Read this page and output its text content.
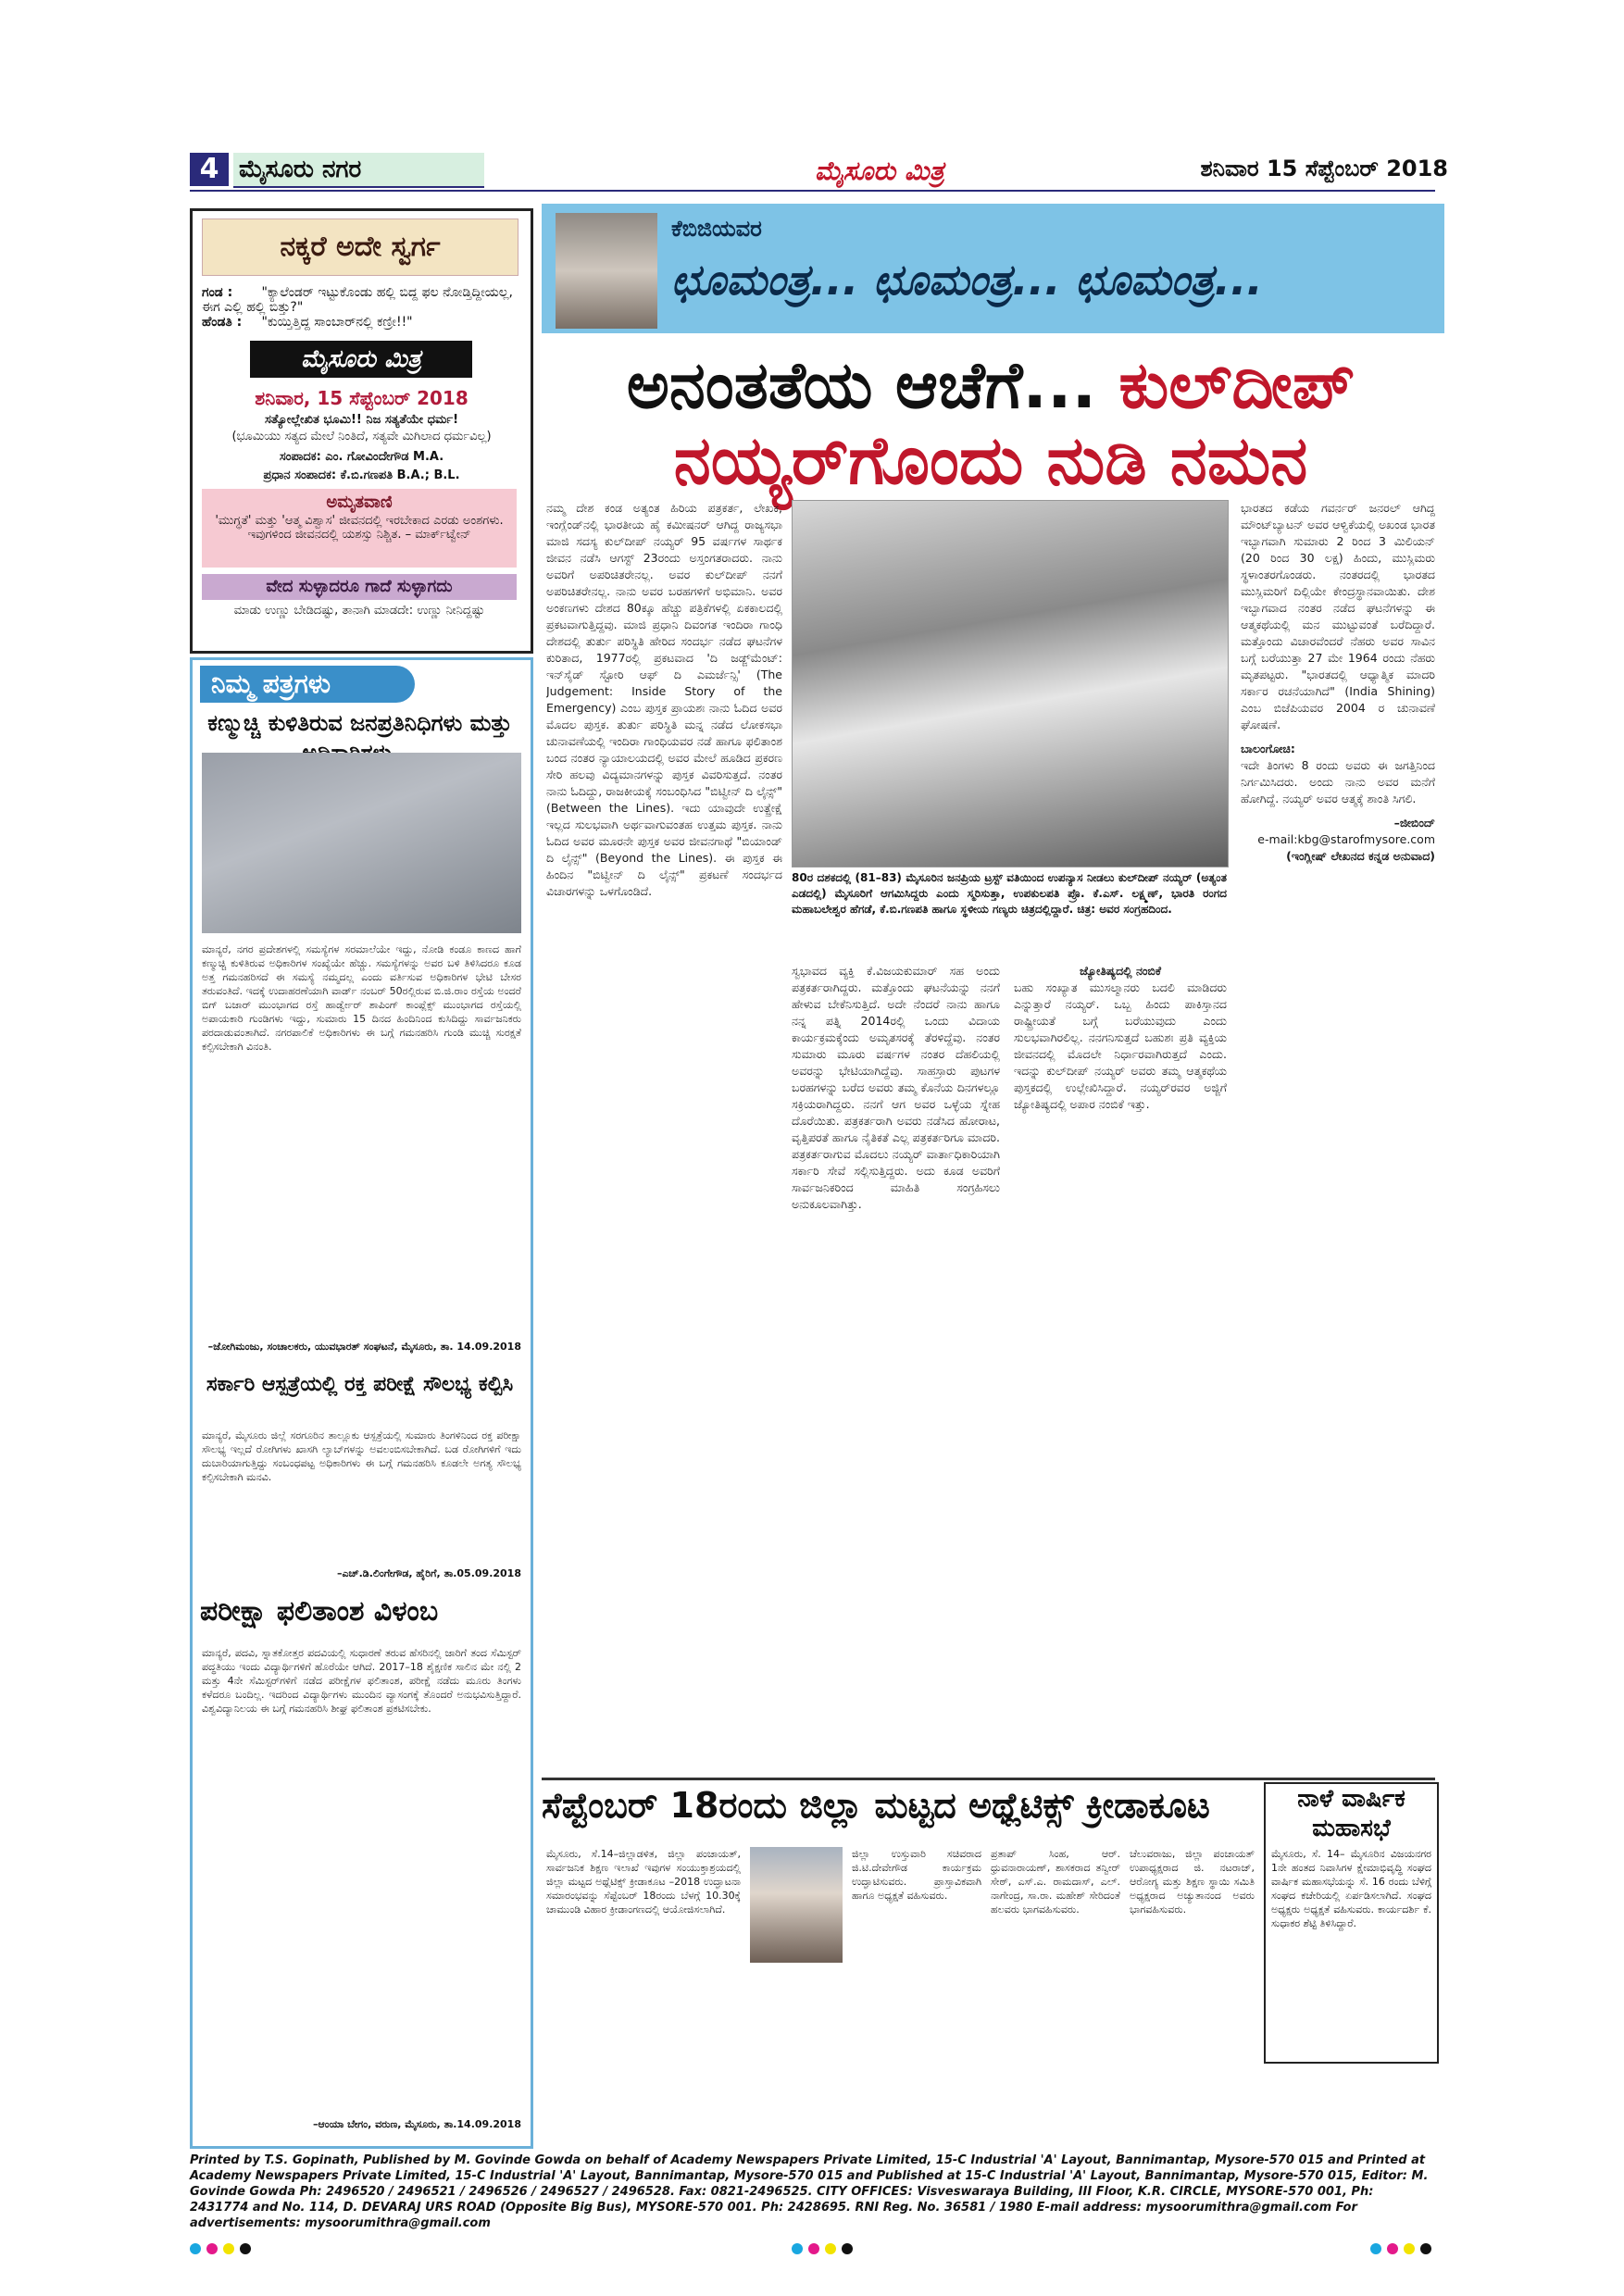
4 ಮೈಸೂರು ನಗರ	ಮೈಸೂರು ಮಿತ್ರ	ಶನಿವಾರ 15 ಸೆಪ್ಟೆಂಬರ್ 2018
ನಕ್ಕರೆ ಅದೇ ಸ್ವರ್ಗ
ಗಂಡ : "ಕ್ಯಾಲೆಂಡರ್ ಇಟ್ಟುಕೊಂಡು ಹಲ್ಲಿ ಬಿದ್ದ ಫಲ ನೋಡ್ತಿದ್ದೀಯಲ್ಲ, ಈಗ ಎಲ್ಲಿ ಹಲ್ಲಿ ಬಿತ್ತು?"
ಹೆಂಡತಿ : "ಕುಯ್ತಿತ್ತಿದ್ದ ಸಾಂಬಾರ್‌ನಲ್ಲಿ ಕಣ್ರೀ!!"
ಮೈಸೂರು ಮಿತ್ರ
ಶನಿವಾರ, 15 ಸೆಪ್ಟೆಂಬರ್ 2018
ಸತ್ಯೋಲ್ಲೇಖಿತ ಭೂಮಿ!! ನಿಜ ಸತ್ಯತೆಯೇ ಧರ್ಮ!
(ಭೂಮಿಯು ಸತ್ಯದ ಮೇಲೆ ನಿಂತಿದೆ, ಸತ್ಯವೇ ಮಿಗಿಲಾದ ಧರ್ಮವಿಲ್ಲ)
ಸಂಪಾದಕ: ಎಂ. ಗೋವಿಂದೇಗೌಡ M.A.
ಪ್ರಧಾನ ಸಂಪಾದಕ: ಕೆ.ಬಿ.ಗಣಪತಿ B.A.; B.L.
ಅಮೃತವಾಣಿ
'ಮುಗ್ಧತೆ' ಮತ್ತು 'ಆತ್ಮ ವಿಶ್ವಾಸ' ಜೀವನದಲ್ಲಿ ಇರಬೇಕಾದ ಎರಡು ಅಂಶಗಳು. ಇವುಗಳಿಂದ ಜೀವನದಲ್ಲಿ ಯಶಸ್ಸು ನಿಶ್ಚಿತ. – ಮಾರ್ಕ್‌ಟ್ವೇನ್
ವೇದ ಸುಳ್ಳಾದರೂ ಗಾದೆ ಸುಳ್ಳಾಗದು
ಮಾಡು ಉಣ್ಣು ಬೇಡಿದಷ್ಟು, ತಾನಾಗಿ ಮಾಡದೇ: ಉಣ್ಣು ನೀನಿದ್ದಷ್ಟು
ನಿಮ್ಮ ಪತ್ರಗಳು
ಕಣ್ಮುಚ್ಚಿ ಕುಳಿತಿರುವ ಜನಪ್ರತಿನಿಧಿಗಳು ಮತ್ತು
ಮಾನ್ಯರೆ, ನಗರ ಪ್ರದೇಶಗಳಲ್ಲಿ ಸಮಸ್ಯೆಗಳ ಸರಮಾಲೆಯೇ ಇದ್ದು, ನೋಡಿ ಕಂಡೂ ಕಾಣದ ಹಾಗೆ ಕಣ್ಮುಚ್ಚಿ ಕುಳಿತಿರುವ ಅಧಿಕಾರಿಗಳ ಸಂಖ್ಯೆಯೇ ಹೆಚ್ಚು. ಸಮಸ್ಯೆಗಳನ್ನು ಅವರ ಬಳಿ ತಿಳಿಸಿದರೂ ಕೂಡ ಅತ್ತ ಗಮನಹರಿಸದೆ ಈ ಸಮಸ್ಯೆ ನಮ್ಮದಲ್ಲ ಎಂದು ವರ್ತಿಸುವ ಅಧಿಕಾರಿಗಳ ಭೇಟಿ ಬೇಸರ ತರುವಂತಿದೆ. ಇದಕ್ಕೆ ಉದಾಹರಣೆಯಾಗಿ ವಾರ್ಡ್ ನಂಬರ್ 50ರಲ್ಲಿರುವ ಬಿ.ಜಿ.ರಾಂ ರಸ್ತೆಯ ಅಂದರೆ ಬಿಗ್ ಬಜಾರ್ ಮುಂಭಾಗದ ರಸ್ತೆ ಹಾರ್ಡ್ವೇರ್ ಶಾಪಿಂಗ್ ಕಾಂಪ್ಲೆಕ್ಸ್ ಮುಂಭಾಗದ ರಸ್ತೆಯಲ್ಲಿ ಅಪಾಯಕಾರಿ ಗುಂಡಿಗಳು ಇದ್ದು, ಸುಮಾರು 15 ದಿನದ ಹಿಂದಿನಿಂದ ಕುಸಿದಿದ್ದು ಸಾರ್ವಜನಿಕರು ಪರದಾಡುವಂತಾಗಿದೆ. ನಗರಪಾಲಿಕೆ ಅಧಿಕಾರಿಗಳು ಈ ಬಗ್ಗೆ ಗಮನಹರಿಸಿ ಗುಂಡಿ ಮುಚ್ಚಿ ಸುರಕ್ಷತೆ ಕಲ್ಪಿಸಬೇಕಾಗಿ ವಿನಂತಿ.
–ಜೋಗಿಮಂಜು, ಸಂಚಾಲಕರು, ಯುವಭಾರತ್ ಸಂಘಟನೆ, ಮೈಸೂರು, ತಾ. 14.09.2018
ಸರ್ಕಾರಿ ಆಸ್ಪತ್ರೆಯಲ್ಲಿ ರಕ್ತ ಪರೀಕ್ಷೆ ಸೌಲಭ್ಯ ಕಲ್ಪಿಸಿ
ಮಾನ್ಯರೆ, ಮೈಸೂರು ಜಿಲ್ಲೆ ಸರಗೂರಿನ ತಾಲ್ಲೂಕು ಆಸ್ಪತ್ರೆಯಲ್ಲಿ ಸುಮಾರು ತಿಂಗಳಿನಿಂದ ರಕ್ತ ಪರೀಕ್ಷಾ ಸೌಲಭ್ಯ ಇಲ್ಲದೆ ರೋಗಿಗಳು ಖಾಸಗಿ ಲ್ಯಾಬ್‌ಗಳನ್ನು ಅವಲಂಬಿಸಬೇಕಾಗಿದೆ. ಬಡ ರೋಗಿಗಳಿಗೆ ಇದು ದುಬಾರಿಯಾಗುತ್ತಿದ್ದು ಸಂಬಂಧಪಟ್ಟ ಅಧಿಕಾರಿಗಳು ಈ ಬಗ್ಗೆ ಗಮನಹರಿಸಿ ಕೂಡಲೇ ಅಗತ್ಯ ಸೌಲಭ್ಯ ಕಲ್ಪಿಸಬೇಕಾಗಿ ಮನವಿ.
–ಎಚ್.ಡಿ.ಲಿಂಗೇಗೌಡ, ಹೈರಿಗೆ, ತಾ.05.09.2018
ಪರೀಕ್ಷಾ ಫಲಿತಾಂಶ ವಿಳಂಬ
ಮಾನ್ಯರೆ, ಪದವಿ, ಸ್ನಾತಕೋತ್ತರ ಪದವಿಯಲ್ಲಿ ಸುಧಾರಣೆ ತರುವ ಹೆಸರಿನಲ್ಲಿ ಜಾರಿಗೆ ತಂದ ಸೆಮಿಸ್ಟರ್ ಪದ್ಧತಿಯು ಇಂದು ವಿದ್ಯಾರ್ಥಿಗಳಿಗೆ ಹೊರೆಯೇ ಆಗಿದೆ. 2017–18 ಶೈಕ್ಷಣಿಕ ಸಾಲಿನ ಮೇ ನಲ್ಲಿ 2 ಮತ್ತು 4ನೇ ಸೆಮಿಸ್ಟರ್‌ಗಳಿಗೆ ನಡೆದ ಪರೀಕ್ಷೆಗಳ ಫಲಿತಾಂಶ, ಪರೀಕ್ಷೆ ನಡೆದು ಮೂರು ತಿಂಗಳು ಕಳೆದರೂ ಬಂದಿಲ್ಲ. ಇದರಿಂದ ವಿದ್ಯಾರ್ಥಿಗಳು ಮುಂದಿನ ವ್ಯಾಸಂಗಕ್ಕೆ ತೊಂದರೆ ಅನುಭವಿಸುತ್ತಿದ್ದಾರೆ. ವಿಶ್ವವಿದ್ಯಾನಿಲಯ ಈ ಬಗ್ಗೆ ಗಮನಹರಿಸಿ ಶೀಘ್ರ ಫಲಿತಾಂಶ ಪ್ರಕಟಿಸಬೇಕು.
–ಆಂಯಾ ಬೇಗಂ, ವರುಣ, ಮೈಸೂರು, ತಾ.14.09.2018
ಕೆಬಿಜಿಯವರ
ಛೂಮಂತ್ರ... ಛೂಮಂತ್ರ... ಛೂಮಂತ್ರ...
ಅನಂತತೆಯ ಆಚೆಗೆ... ಕುಲ್‌ದೀಪ್
ನಯ್ಯರ್‌ಗೊಂದು ನುಡಿ ನಮನ
ನಮ್ಮ ದೇಶ ಕಂಡ ಅತ್ಯಂತ ಹಿರಿಯ ಪತ್ರಕರ್ತ, ಲೇಖಕ, ಇಂಗ್ಲೆಂಡ್‌ನಲ್ಲಿ ಭಾರತೀಯ ಹೈ ಕಮೀಷನರ್ ಆಗಿದ್ದ ರಾಜ್ಯಸಭಾ ಮಾಜಿ ಸದಸ್ಯ ಕುಲ್‌ದೀಪ್ ನಯ್ಯರ್ 95 ವರ್ಷಗಳ ಸಾರ್ಥಕ ಜೀವನ ನಡೆಸಿ ಆಗಸ್ಟ್ 23ರಂದು ಅಸ್ತಂಗತರಾದರು. ನಾನು ಅವರಿಗೆ ಅಪರಿಚಿತರೇನಲ್ಲ. ಅವರ ಕುಲ್‌ದೀಪ್ ನನಗೆ ಅಪರಿಚಿತರೇನಲ್ಲ. ನಾನು ಅವರ ಬರಹಗಳಿಗೆ ಅಭಿಮಾನಿ. ಅವರ ಅಂಕಣಗಳು ದೇಶದ 80ಕ್ಕೂ ಹೆಚ್ಚು ಪತ್ರಿಕೆಗಳಲ್ಲಿ ಏಕಕಾಲದಲ್ಲಿ ಪ್ರಕಟವಾಗುತ್ತಿದ್ದವು. ಮಾಜಿ ಪ್ರಧಾನಿ ದಿವಂಗತ ಇಂದಿರಾ ಗಾಂಧಿ ದೇಶದಲ್ಲಿ ತುರ್ತು ಪರಿಸ್ಥಿತಿ ಹೇರಿದ ಸಂದರ್ಭ ನಡೆದ ಘಟನೆಗಳ ಕುರಿತಾದ, 1977ರಲ್ಲಿ ಪ್ರಕಟವಾದ 'ದಿ ಜಡ್ಜ್‌ಮೆಂಟ್: ಇನ್‌ಸೈಡ್ ಸ್ಟೋರಿ ಆಫ್ ದಿ ಎಮರ್ಜೆನ್ಸಿ' (The Judgement: Inside Story of the Emergency) ಎಂಬ ಪುಸ್ತಕ ಪ್ರಾಯಶಃ ನಾನು ಓದಿದ ಅವರ ಮೊದಲ ಪುಸ್ತಕ. ತುರ್ತು ಪರಿಸ್ಥಿತಿ ಮನ್ನ ನಡೆದ ಲೋಕಸಭಾ ಚುನಾವಣೆಯಲ್ಲಿ ಇಂದಿರಾ ಗಾಂಧಿಯವರ ನಡೆ ಹಾಗೂ ಫಲಿತಾಂಶ ಬಂದ ನಂತರ ನ್ಯಾಯಾಲಯದಲ್ಲಿ ಅವರ ಮೇಲೆ ಹೂಡಿದ ಪ್ರಕರಣ ಸೇರಿ ಹಲವು ವಿದ್ಯಮಾನಗಳನ್ನು ಪುಸ್ತಕ ವಿವರಿಸುತ್ತದೆ. ನಂತರ ನಾನು ಓದಿದ್ದು, ರಾಜಕೀಯಕ್ಕೆ ಸಂಬಂಧಿಸಿದ "ಬಿಟ್ವೀನ್ ದಿ ಲೈನ್ಸ್" (Between the Lines). ಇದು ಯಾವುದೇ ಉತ್ಪ್ರೇಕ್ಷೆ ಇಲ್ಲದ ಸುಲಭವಾಗಿ ಅರ್ಥವಾಗುವಂತಹ ಉತ್ತಮ ಪುಸ್ತಕ. ನಾನು ಓದಿದ ಅವರ ಮೂರನೇ ಪುಸ್ತಕ ಅವರ ಜೀವನಗಾಥೆ "ಬಿಯಾಂಡ್ ದಿ ಲೈನ್ಸ್" (Beyond the Lines). ಈ ಪುಸ್ತಕ ಈ ಹಿಂದಿನ "ಬಿಟ್ವೀನ್ ದಿ ಲೈನ್ಸ್" ಪ್ರಕಟಣೆ ಸಂದರ್ಭದ ವಿಚಾರಗಳನ್ನು ಒಳಗೊಂಡಿದೆ.
80ರ ದಶಕದಲ್ಲಿ (81–83) ಮೈಸೂರಿನ ಜನಪ್ರಿಯ ಟ್ರಸ್ಟ್ ವತಿಯಿಂದ ಉಪನ್ಯಾಸ ನೀಡಲು ಕುಲ್‌ದೀಪ್ ನಯ್ಯರ್ (ಅತ್ಯಂತ ಎಡದಲ್ಲಿ) ಮೈಸೂರಿಗೆ ಆಗಮಿಸಿದ್ದರು ಎಂದು ಸ್ಮರಿಸುತ್ತಾ, ಉಪಕುಲಪತಿ ಪ್ರೊ. ಕೆ.ಎಸ್. ಲಕ್ಷ್ಮಣ್, ಭಾರತಿ ರಂಗದ ಮಹಾಬಲೇಶ್ವರ ಹೆಗಡೆ, ಕೆ.ಬಿ.ಗಣಪತಿ ಹಾಗೂ ಸ್ಥಳೀಯ ಗಣ್ಯರು ಚಿತ್ರದಲ್ಲಿದ್ದಾರೆ. ಚಿತ್ರ: ಅವರ ಸಂಗ್ರಹದಿಂದ.
ಸ್ವಭಾವದ ವ್ಯಕ್ತಿ ಕೆ.ವಿಜಯಕುಮಾರ್ ಸಹ ಅಂದು ಪತ್ರಕರ್ತರಾಗಿದ್ದರು. ಮತ್ತೊಂದು ಘಟನೆಯನ್ನು ನನಗೆ ಹೇಳುವ ಬೇಕೆನಿಸುತ್ತಿದೆ. ಅದೇ ನೆಂದರೆ ನಾನು ಹಾಗೂ ನನ್ನ ಪತ್ನಿ 2014ರಲ್ಲಿ ಒಂದು ವಿದಾಯ ಕಾರ್ಯಕ್ರಮಕ್ಕೆಂದು ಅಮೃತಸರಕ್ಕೆ ತೆರಳಿದ್ದೆವು. ನಂತರ ಸುಮಾರು ಮೂರು ವರ್ಷಗಳ ನಂತರ ದೆಹಲಿಯಲ್ಲಿ ಅವರನ್ನು ಭೇಟಿಯಾಗಿದ್ದೆವು. ಸಾಹಸ್ರಾರು ಪುಟಗಳ ಬರಹಗಳನ್ನು ಬರೆದ ಅವರು ತಮ್ಮ ಕೊನೆಯ ದಿನಗಳಲ್ಲೂ ಸಕ್ರಿಯರಾಗಿದ್ದರು. ನನಗೆ ಆಗ ಅವರ ಒಳ್ಳೆಯ ಸ್ನೇಹ ದೊರೆಯಿತು. ಪತ್ರಕರ್ತರಾಗಿ ಅವರು ನಡೆಸಿದ ಹೋರಾಟ, ವೃತ್ತಿಪರತೆ ಹಾಗೂ ನೈತಿಕತೆ ಎಲ್ಲ ಪತ್ರಕರ್ತರಿಗೂ ಮಾದರಿ. ಪತ್ರಕರ್ತರಾಗುವ ಮೊದಲು ನಯ್ಯರ್ ವಾರ್ತಾಧಿಕಾರಿಯಾಗಿ ಸರ್ಕಾರಿ ಸೇವೆ ಸಲ್ಲಿಸುತ್ತಿದ್ದರು. ಅದು ಕೂಡ ಅವರಿಗೆ ಸಾರ್ವಜನಿಕರಿಂದ ಮಾಹಿತಿ ಸಂಗ್ರಹಿಸಲು ಅನುಕೂಲವಾಗಿತ್ತು.
ಜ್ಯೋತಿಷ್ಯದಲ್ಲಿ ನಂಬಿಕೆ
ಬಹು ಸಂಖ್ಯಾತ ಮುಸಲ್ಮಾನರು ಬದಲಿ ಮಾಡಿದರು ಎನ್ನುತ್ತಾರೆ ನಯ್ಯರ್. ಒಬ್ಬ ಹಿಂದು ಪಾಕಿಸ್ತಾನದ ರಾಷ್ಟ್ರೀಯತೆ ಬಗ್ಗೆ ಬರೆಯುವುದು ಎಂದು ಸುಲಭವಾಗಿರಲಿಲ್ಲ. ನನಗನಿಸುತ್ತದೆ ಬಹುಶಃ ಪ್ರತಿ ವ್ಯಕ್ತಿಯ ಜೀವನದಲ್ಲಿ ಮೊದಲೇ ನಿರ್ಧಾರವಾಗಿರುತ್ತದೆ ಎಂದು. ಇದನ್ನು ಕುಲ್‌ದೀಪ್ ನಯ್ಯರ್ ಅವರು ತಮ್ಮ ಆತ್ಮಕಥೆಯ ಪುಸ್ತಕದಲ್ಲಿ ಉಲ್ಲೇಖಿಸಿದ್ದಾರೆ. ನಯ್ಯರ್‌ರವರ ಅಜ್ಜಿಗೆ ಜ್ಯೋತಿಷ್ಯದಲ್ಲಿ ಅಪಾರ ನಂಬಿಕೆ ಇತ್ತು.
ಭಾರತದ ಕಡೆಯ ಗವರ್ನರ್ ಜನರಲ್ ಆಗಿದ್ದ ಮೌಂಟ್‌ಬ್ಯಾಟನ್ ಅವರ ಆಳ್ವಿಕೆಯಲ್ಲಿ ಅಖಂಡ ಭಾರತ ಇಬ್ಭಾಗವಾಗಿ ಸುಮಾರು 2 ರಿಂದ 3 ಮಿಲಿಯನ್ (20 ರಿಂದ 30 ಲಕ್ಷ) ಹಿಂದು, ಮುಸ್ಲಿಮರು ಸ್ಥಳಾಂತರಗೊಂಡರು. ನಂತರದಲ್ಲಿ ಭಾರತದ ಮುಸ್ಲಿಮರಿಗೆ ದಿಲ್ಲಿಯೇ ಕೇಂದ್ರಸ್ಥಾನವಾಯಿತು. ದೇಶ ಇಬ್ಭಾಗವಾದ ನಂತರ ನಡೆದ ಘಟನೆಗಳನ್ನು ಈ ಆತ್ಮಕಥೆಯಲ್ಲಿ ಮನ ಮುಟ್ಟುವಂತೆ ಬರೆದಿದ್ದಾರೆ. ಮತ್ತೊಂದು ವಿಚಾರವೆಂದರೆ ನೆಹರು ಅವರ ಸಾವಿನ ಬಗ್ಗೆ ಬರೆಯುತ್ತಾ 27 ಮೇ 1964 ರಂದು ನೆಹರು ಮೃತಪಟ್ಟರು. "ಭಾರತದಲ್ಲಿ ಆಧ್ಯಾತ್ಮಿಕ ಮಾದರಿ ಸರ್ಕಾರ ರಚನೆಯಾಗಿದೆ" (India Shining) ಎಂಬ ಬಿಜೆಪಿಯವರ 2004 ರ ಚುನಾವಣೆ ಘೋಷಣೆ.
ಬಾಲಂಗೋಚಿ:
ಇದೇ ತಿಂಗಳು 8 ರಂದು ಅವರು ಈ ಜಗತ್ತಿನಿಂದ ನಿರ್ಗಮಿಸಿದರು. ಅಂದು ನಾನು ಅವರ ಮನೆಗೆ ಹೋಗಿದ್ದೆ. ನಯ್ಯರ್ ಅವರ ಆತ್ಮಕ್ಕೆ ಶಾಂತಿ ಸಿಗಲಿ.
–ಜೀಬಿಂದ್
e-mail:kbg@starofmysore.com
(ಇಂಗ್ಲೀಷ್ ಲೇಖನದ ಕನ್ನಡ ಅನುವಾದ)
ಸೆಪ್ಟೆಂಬರ್ 18ರಂದು ಜಿಲ್ಲಾ ಮಟ್ಟದ ಅಥ್ಲೆಟಿಕ್ಸ್ ಕ್ರೀಡಾಕೂಟ
ಮೈಸೂರು, ಸೆ.14–ಜಿಲ್ಲಾಡಳಿತ, ಜಿಲ್ಲಾ ಪಂಚಾಯತ್, ಸಾರ್ವಜನಿಕ ಶಿಕ್ಷಣ ಇಲಾಖೆ ಇವುಗಳ ಸಂಯುಕ್ತಾಶ್ರಯದಲ್ಲಿ ಜಿಲ್ಲಾ ಮಟ್ಟದ ಅಥ್ಲೆಟಿಕ್ಸ್ ಕ್ರೀಡಾಕೂಟ –2018 ಉದ್ಘಾಟನಾ ಸಮಾರಂಭವನ್ನು ಸೆಪ್ಟೆಂಬರ್ 18ರಂದು ಬೆಳಗ್ಗೆ 10.30ಕ್ಕೆ ಚಾಮುಂಡಿ ವಿಹಾರ ಕ್ರೀಡಾಂಗಣದಲ್ಲಿ ಆಯೋಜಿಸಲಾಗಿದೆ.
ಜಿಲ್ಲಾ ಉಸ್ತುವಾರಿ ಸಚಿವರಾದ ಜಿ.ಟಿ.ದೇವೇಗೌಡ ಕಾರ್ಯಕ್ರಮ ಉದ್ಘಾಟಿಸುವರು. ಪ್ರಾಸ್ತಾವಿಕವಾಗಿ ಹಾಗೂ ಅಧ್ಯಕ್ಷತೆ ವಹಿಸುವರು.
ಪ್ರತಾಪ್ ಸಿಂಹ, ಆರ್. ಧ್ರುವನಾರಾಯಣ್, ಶಾಸಕರಾದ ತನ್ವೀರ್ ಸೇಠ್, ಎಸ್.ಎ. ರಾಮದಾಸ್, ಎಲ್. ನಾಗೇಂದ್ರ, ಸಾ.ರಾ. ಮಹೇಶ್ ಸೇರಿದಂತೆ ಹಲವರು ಭಾಗವಹಿಸುವರು.
ಚೆಲುವರಾಜು, ಜಿಲ್ಲಾ ಪಂಚಾಯತ್ ಉಪಾಧ್ಯಕ್ಷರಾದ ಜಿ. ನಟರಾಜ್, ಆರೋಗ್ಯ ಮತ್ತು ಶಿಕ್ಷಣ ಸ್ಥಾಯಿ ಸಮಿತಿ ಅಧ್ಯಕ್ಷರಾದ ಅಚ್ಯುತಾನಂದ ಅವರು ಭಾಗವಹಿಸುವರು.
ನಾಳೆ ವಾರ್ಷಿಕ ಮಹಾಸಭೆ
ಮೈಸೂರು, ಸೆ. 14– ಮೈಸೂರಿನ ವಿಜಯನಗರ 1ನೇ ಹಂತದ ನಿವಾಸಿಗಳ ಕ್ಷೇಮಾಭಿವೃದ್ಧಿ ಸಂಘದ ವಾರ್ಷಿಕ ಮಹಾಸಭೆಯನ್ನು ಸೆ. 16 ರಂದು ಬೆಳಿಗ್ಗೆ ಸಂಘದ ಕಚೇರಿಯಲ್ಲಿ ಏರ್ಪಡಿಸಲಾಗಿದೆ. ಸಂಘದ ಅಧ್ಯಕ್ಷರು ಅಧ್ಯಕ್ಷತೆ ವಹಿಸುವರು. ಕಾರ್ಯದರ್ಶಿ ಕೆ. ಸುಧಾಕರ ಶೆಟ್ಟಿ ತಿಳಿಸಿದ್ದಾರೆ.
Printed by T.S. Gopinath, Published by M. Govinde Gowda on behalf of Academy Newspapers Private Limited, 15-C Industrial 'A' Layout, Bannimantap, Mysore-570 015 and Printed at Academy Newspapers Private Limited, 15-C Industrial 'A' Layout, Bannimantap, Mysore-570 015 and Published at 15-C Industrial 'A' Layout, Bannimantap, Mysore-570 015, Editor: M. Govinde Gowda Ph: 2496520 / 2496521 / 2496526 / 2496527 / 2496528. Fax: 0821-2496525. CITY OFFICES: Visveswaraya Building, III Floor, K.R. CIRCLE, MYSORE-570 001, Ph: 2431774 and No. 114, D. DEVARAJ URS ROAD (Opposite Big Bus), MYSORE-570 001. Ph: 2428695. RNI Reg. No. 36581 / 1980 E-mail address: mysoorumithra@gmail.com For advertisements: mysoorumithra@gmail.com
